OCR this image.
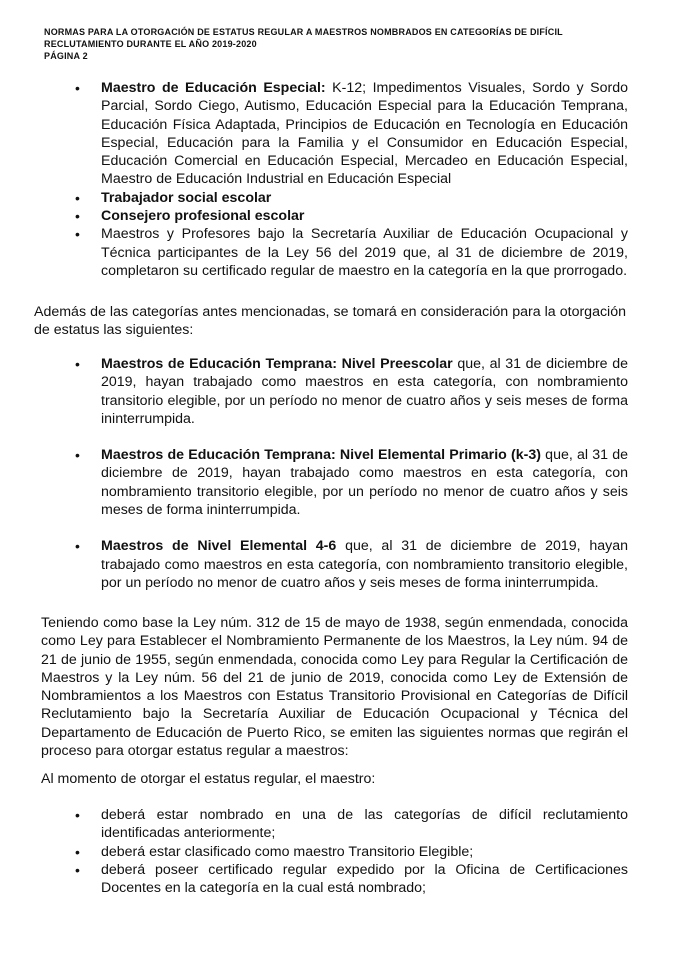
NORMAS PARA LA OTORGACIÓN DE ESTATUS REGULAR A MAESTROS NOMBRADOS EN CATEGORÍAS DE DIFÍCIL
RECLUTAMIENTO DURANTE EL AÑO 2019-2020
PÁGINA 2
•	Maestro de Educación Especial: K-12; Impedimentos Visuales, Sordo y Sordo Parcial, Sordo Ciego, Autismo, Educación Especial para la Educación Temprana, Educación Física Adaptada, Principios de Educación en Tecnología en Educación Especial, Educación para la Familia y el Consumidor en Educación Especial, Educación Comercial en Educación Especial, Mercadeo en Educación Especial, Maestro de Educación Industrial en Educación Especial
•	Trabajador social escolar
•	Consejero profesional escolar
•	Maestros y Profesores bajo la Secretaría Auxiliar de Educación Ocupacional y Técnica participantes de la Ley 56 del 2019 que, al 31 de diciembre de 2019, completaron su certificado regular de maestro en la categoría en la que prorrogado.

Además de las categorías antes mencionadas, se tomará en consideración para la otorgación de estatus las siguientes:

•	Maestros de Educación Temprana: Nivel Preescolar que, al 31 de diciembre de 2019, hayan trabajado como maestros en esta categoría, con nombramiento transitorio elegible, por un período no menor de cuatro años y seis meses de forma ininterrumpida.
•	Maestros de Educación Temprana: Nivel Elemental Primario (k-3) que, al 31 de diciembre de 2019, hayan trabajado como maestros en esta categoría, con nombramiento transitorio elegible, por un período no menor de cuatro años y seis meses de forma ininterrumpida.
•	Maestros de Nivel Elemental 4-6 que, al 31 de diciembre de 2019, hayan trabajado como maestros en esta categoría, con nombramiento transitorio elegible, por un período no menor de cuatro años y seis meses de forma ininterrumpida.

Teniendo como base la Ley núm. 312 de 15 de mayo de 1938, según enmendada, conocida como Ley para Establecer el Nombramiento Permanente de los Maestros, la Ley núm. 94 de 21 de junio de 1955, según enmendada, conocida como Ley para Regular la Certificación de Maestros y la Ley núm. 56 del 21 de junio de 2019, conocida como Ley de Extensión de Nombramientos a los Maestros con Estatus Transitorio Provisional en Categorías de Difícil Reclutamiento bajo la Secretaría Auxiliar de Educación Ocupacional y Técnica del Departamento de Educación de Puerto Rico, se emiten las siguientes normas que regirán el proceso para otorgar estatus regular a maestros:

Al momento de otorgar el estatus regular, el maestro:

•	deberá estar nombrado en una de las categorías de difícil reclutamiento identificadas anteriormente;
•	deberá estar clasificado como maestro Transitorio Elegible;
•	deberá poseer certificado regular expedido por la Oficina de Certificaciones Docentes en la categoría en la cual está nombrado;
